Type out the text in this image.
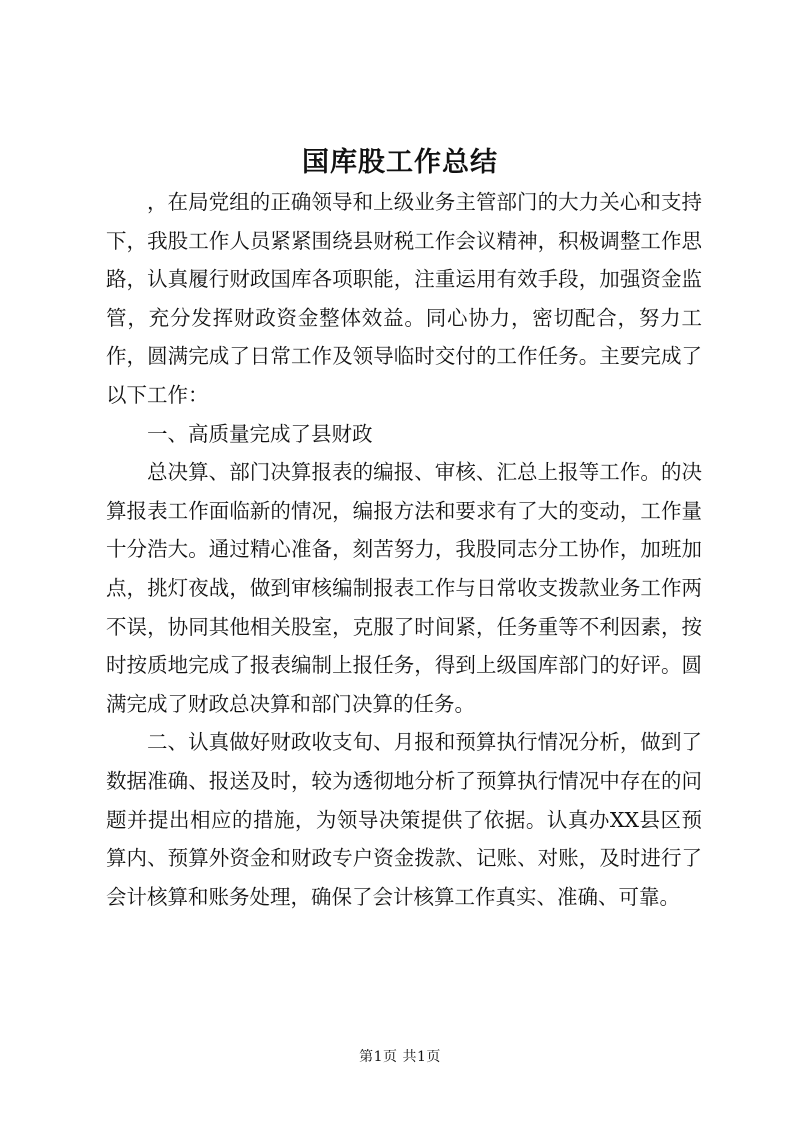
国库股工作总结

，在局党组的正确领导和上级业务主管部门的大力关心和支持下，我股工作人员紧紧围绕县财税工作会议精神，积极调整工作思路，认真履行财政国库各项职能，注重运用有效手段，加强资金监管，充分发挥财政资金整体效益。同心协力，密切配合，努力工作，圆满完成了日常工作及领导临时交付的工作任务。主要完成了以下工作：

一、高质量完成了县财政

总决算、部门决算报表的编报、审核、汇总上报等工作。的决算报表工作面临新的情况，编报方法和要求有了大的变动，工作量十分浩大。通过精心准备，刻苦努力，我股同志分工协作，加班加点，挑灯夜战，做到审核编制报表工作与日常收支拨款业务工作两不误，协同其他相关股室，克服了时间紧，任务重等不利因素，按时按质地完成了报表编制上报任务，得到上级国库部门的好评。圆满完成了财政总决算和部门决算的任务。

二、认真做好财政收支旬、月报和预算执行情况分析，做到了数据准确、报送及时，较为透彻地分析了预算执行情况中存在的问题并提出相应的措施，为领导决策提供了依据。认真办XX县区预算内、预算外资金和财政专户资金拨款、记账、对账，及时进行了会计核算和账务处理，确保了会计核算工作真实、准确、可靠。

第1页 共1页
